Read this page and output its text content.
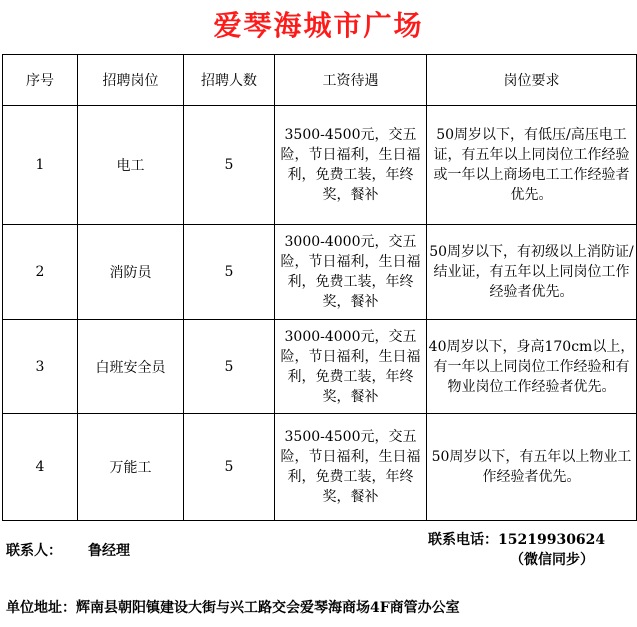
爱琴海城市广场
序号	招聘岗位	招聘人数	工资待遇	岗位要求
1	电工	5	3500-4500元，交五险，节日福利，生日福利，免费工装，年终奖，餐补	50周岁以下，有低压/高压电工证，有五年以上同岗位工作经验或一年以上商场电工工作经验者优先。
2	消防员	5	3000-4000元，交五险，节日福利，生日福利，免费工装，年终奖，餐补	50周岁以下，有初级以上消防证/结业证，有五年以上同岗位工作经验者优先。
3	白班安全员	5	3000-4000元，交五险，节日福利，生日福利，免费工装，年终奖，餐补	40周岁以下，身高170cm以上，有一年以上同岗位工作经验和有物业岗位工作经验者优先。
4	万能工	5	3500-4500元，交五险，节日福利，生日福利，免费工装，年终奖，餐补	50周岁以下，有五年以上物业工作经验者优先。
联系人： 鲁经理
联系电话：15219930624
（微信同步）
单位地址：辉南县朝阳镇建设大街与兴工路交会爱琴海商场4F商管办公室
